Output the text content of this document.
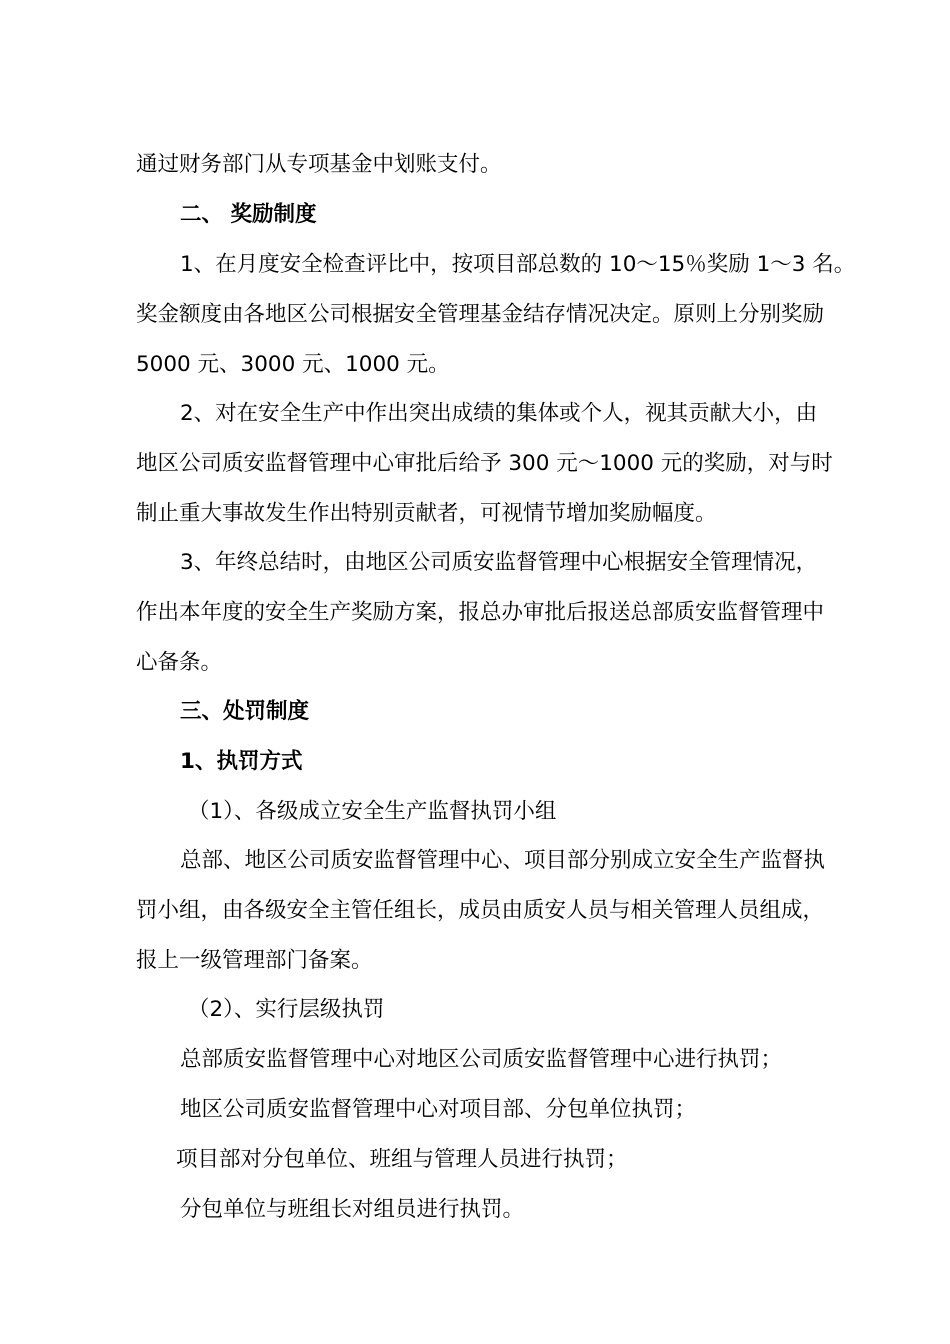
通过财务部门从专项基金中划账支付。

二、 奖励制度

1、在月度安全检查评比中，按项目部总数的 10～15％奖励 1～3 名。

奖金额度由各地区公司根据安全管理基金结存情况决定。原则上分别奖励

5000 元、3000 元、1000 元。

2、对在安全生产中作出突出成绩的集体或个人，视其贡献大小，由

地区公司质安监督管理中心审批后给予 300 元～1000 元的奖励，对与时

制止重大事故发生作出特别贡献者，可视情节增加奖励幅度。

3、年终总结时，由地区公司质安监督管理中心根据安全管理情况，

作出本年度的安全生产奖励方案，报总办审批后报送总部质安监督管理中

心备条。

三、处罚制度

1、执罚方式

（1）、各级成立安全生产监督执罚小组

总部、地区公司质安监督管理中心、项目部分别成立安全生产监督执

罚小组，由各级安全主管任组长，成员由质安人员与相关管理人员组成，

报上一级管理部门备案。

（2）、实行层级执罚

总部质安监督管理中心对地区公司质安监督管理中心进行执罚；

地区公司质安监督管理中心对项目部、分包单位执罚；

项目部对分包单位、班组与管理人员进行执罚；

分包单位与班组长对组员进行执罚。
